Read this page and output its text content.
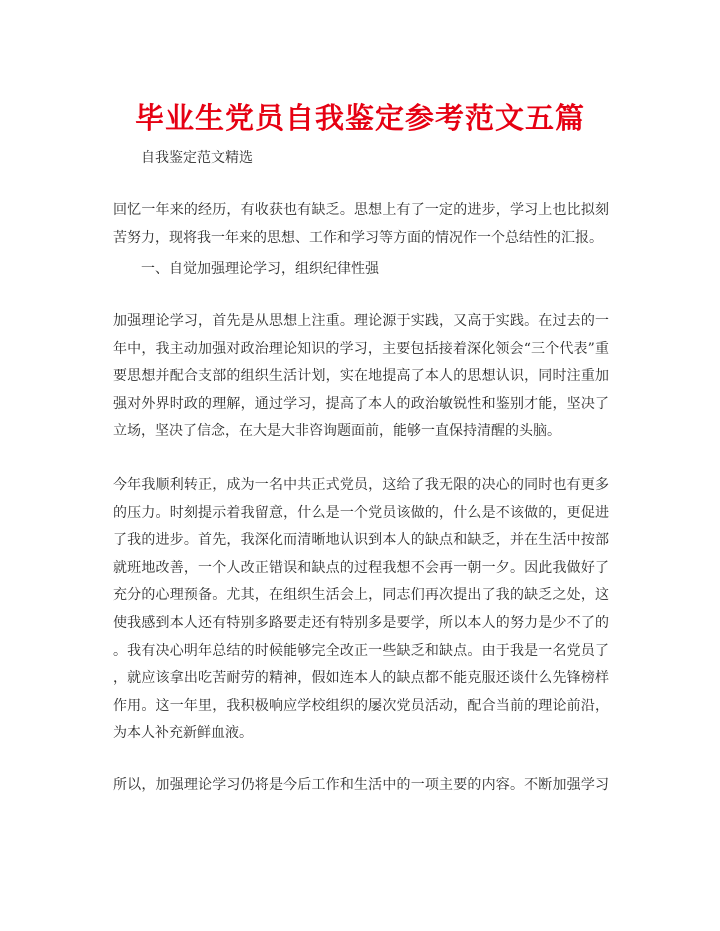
毕业生党员自我鉴定参考范文五篇
自我鉴定范文精选
回忆一年来的经历，有收获也有缺乏。思想上有了一定的进步，学习上也比拟刻
苦努力，现将我一年来的思想、工作和学习等方面的情况作一个总结性的汇报。
一、自觉加强理论学习，组织纪律性强
加强理论学习，首先是从思想上注重。理论源于实践，又高于实践。在过去的一
年中，我主动加强对政治理论知识的学习，主要包括接着深化领会“三个代表”重
要思想并配合支部的组织生活计划，实在地提高了本人的思想认识，同时注重加
强对外界时政的理解，通过学习，提高了本人的政治敏锐性和鉴别才能，坚决了
立场，坚决了信念，在大是大非咨询题面前，能够一直保持清醒的头脑。
今年我顺利转正，成为一名中共正式党员，这给了我无限的决心的同时也有更多
的压力。时刻提示着我留意，什么是一个党员该做的，什么是不该做的，更促进
了我的进步。首先，我深化而清晰地认识到本人的缺点和缺乏，并在生活中按部
就班地改善，一个人改正错误和缺点的过程我想不会再一朝一夕。因此我做好了
充分的心理预备。尤其，在组织生活会上，同志们再次提出了我的缺乏之处，这
使我感到本人还有特别多路要走还有特别多是要学，所以本人的努力是少不了的
。我有决心明年总结的时候能够完全改正一些缺乏和缺点。由于我是一名党员了
，就应该拿出吃苦耐劳的精神，假如连本人的缺点都不能克服还谈什么先锋榜样
作用。这一年里，我积极响应学校组织的屡次党员活动，配合当前的理论前沿，
为本人补充新鲜血液。
所以，加强理论学习仍将是今后工作和生活中的一项主要的内容。不断加强学习
